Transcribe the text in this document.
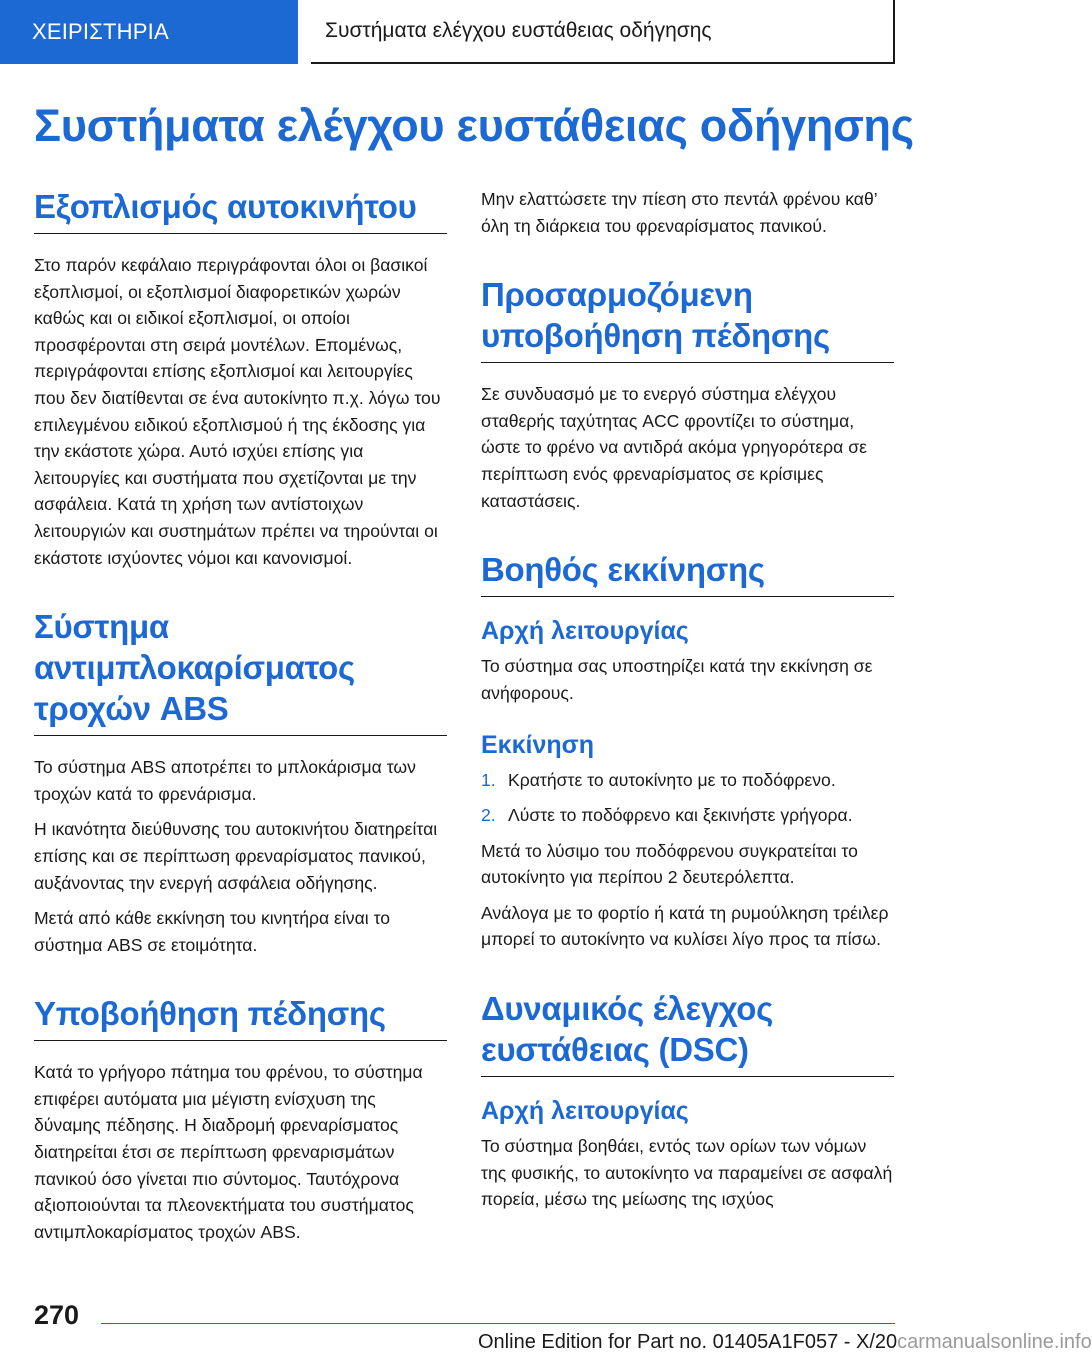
ΧΕΙΡΙΣΤΗΡΙΑ	Συστήματα ελέγχου ευστάθειας οδήγησης
Συστήματα ελέγχου ευστάθειας οδήγησης
Εξοπλισμός αυτοκινήτου

Στο παρόν κεφάλαιο περιγράφονται όλοι οι βασικοί εξοπλισμοί, οι εξοπλισμοί διαφορετικών χωρών καθώς και οι ειδικοί εξοπλισμοί, οι οποίοι προσφέρονται στη σειρά μοντέλων. Επομένως, περιγράφονται επίσης εξοπλισμοί και λειτουργίες που δεν διατίθενται σε ένα αυτοκίνητο π.χ. λόγω του επιλεγμένου ειδικού εξοπλισμού ή της έκδοσης για την εκάστοτε χώρα. Αυτό ισχύει επίσης για λειτουργίες και συστήματα που σχετίζονται με την ασφάλεια. Κατά τη χρήση των αντίστοιχων λειτουργιών και συστημάτων πρέπει να τηρούνται οι εκάστοτε ισχύοντες νόμοι και κανονισμοί.

Σύστημα αντιμπλοκαρίσματος τροχών ABS

Το σύστημα ABS αποτρέπει το μπλοκάρισμα των τροχών κατά το φρενάρισμα.

Η ικανότητα διεύθυνσης του αυτοκινήτου διατηρείται επίσης και σε περίπτωση φρεναρίσματος πανικού, αυξάνοντας την ενεργή ασφάλεια οδήγησης.

Μετά από κάθε εκκίνηση του κινητήρα είναι το σύστημα ABS σε ετοιμότητα.

Υποβοήθηση πέδησης

Κατά το γρήγορο πάτημα του φρένου, το σύστημα επιφέρει αυτόματα μια μέγιστη ενίσχυση της δύναμης πέδησης. Η διαδρομή φρεναρίσματος διατηρείται έτσι σε περίπτωση φρεναρισμάτων πανικού όσο γίνεται πιο σύντομος. Ταυτόχρονα αξιοποιούνται τα πλεονεκτήματα του συστήματος αντιμπλοκαρίσματος τροχών ABS.

Μην ελαττώσετε την πίεση στο πεντάλ φρένου καθ’ όλη τη διάρκεια του φρεναρίσματος πανικού.

Προσαρμοζόμενη υποβοήθηση πέδησης

Σε συνδυασμό με το ενεργό σύστημα ελέγχου σταθερής ταχύτητας ACC φροντίζει το σύστημα, ώστε το φρένο να αντιδρά ακόμα γρηγορότερα σε περίπτωση ενός φρεναρίσματος σε κρίσιμες καταστάσεις.

Βοηθός εκκίνησης
Αρχή λειτουργίας

Το σύστημα σας υποστηρίζει κατά την εκκίνηση σε ανήφορους.

Εκκίνηση
1. Κρατήστε το αυτοκίνητο με το ποδόφρενο.
2. Λύστε το ποδόφρενο και ξεκινήστε γρήγορα.

Μετά το λύσιμο του ποδόφρενου συγκρατείται το αυτοκίνητο για περίπου 2 δευτερόλεπτα.

Ανάλογα με το φορτίο ή κατά τη ρυμούλκηση τρέιλερ μπορεί το αυτοκίνητο να κυλίσει λίγο προς τα πίσω.

Δυναμικός έλεγχος ευστάθειας (DSC)
Αρχή λειτουργίας

Το σύστημα βοηθάει, εντός των ορίων των νόμων της φυσικής, το αυτοκίνητο να παραμείνει σε ασφαλή πορεία, μέσω της μείωσης της ισχύος

270
Online Edition for Part no. 01405A1F057 - X/20carmanualsonline.info
